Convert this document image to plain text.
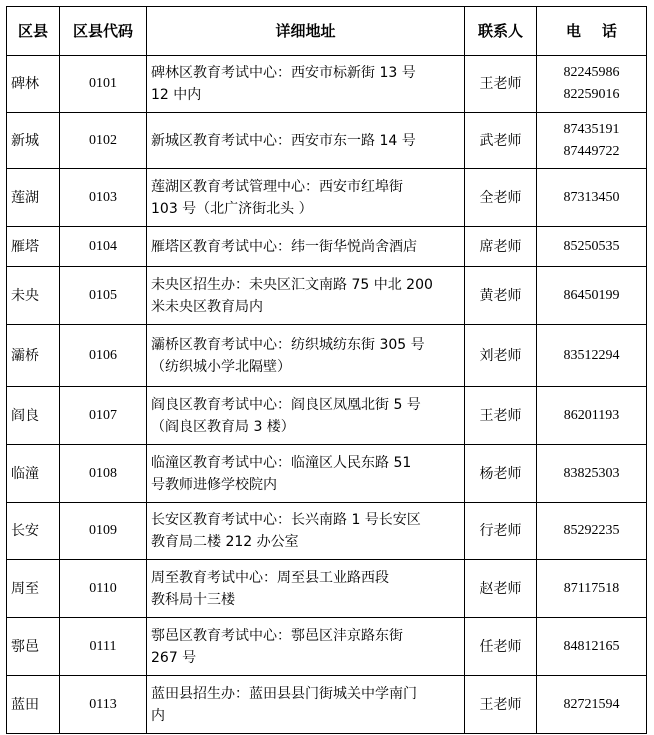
区县	区县代码	详细地址	联系人	电    话
碑林	0101	碑林区教育考试中心：西安市标新街 13 号
12 中内	王老师	82245986
82259016

新城	0102	新城区教育考试中心：西安市东一路 14 号	武老师	87435191
87449722

莲湖	0103	莲湖区教育考试管理中心：西安市红埠街
103 号（北广济街北头 ）	全老师	87313450

雁塔	0104	雁塔区教育考试中心：纬一街华悦尚舍酒店	席老师	85250535

未央	0105	未央区招生办：未央区汇文南路 75 中北 200
米未央区教育局内	黄老师	86450199

灞桥	0106	灞桥区教育考试中心：纺织城纺东街 305 号
（纺织城小学北隔壁）	刘老师	83512294

阎良	0107	阎良区教育考试中心：阎良区凤凰北街 5 号
（阎良区教育局 3 楼）	王老师	86201193

临潼	0108	临潼区教育考试中心：临潼区人民东路 51
号教师进修学校院内	杨老师	83825303

长安	0109	长安区教育考试中心：长兴南路 1 号长安区
教育局二楼 212 办公室	行老师	85292235

周至	0110	周至教育考试中心：周至县工业路西段
教科局十三楼	赵老师	87117518

鄠邑	0111	鄠邑区教育考试中心：鄠邑区沣京路东街
267 号	任老师	84812165

蓝田	0113	蓝田县招生办：蓝田县县门街城关中学南门
内	王老师	82721594
